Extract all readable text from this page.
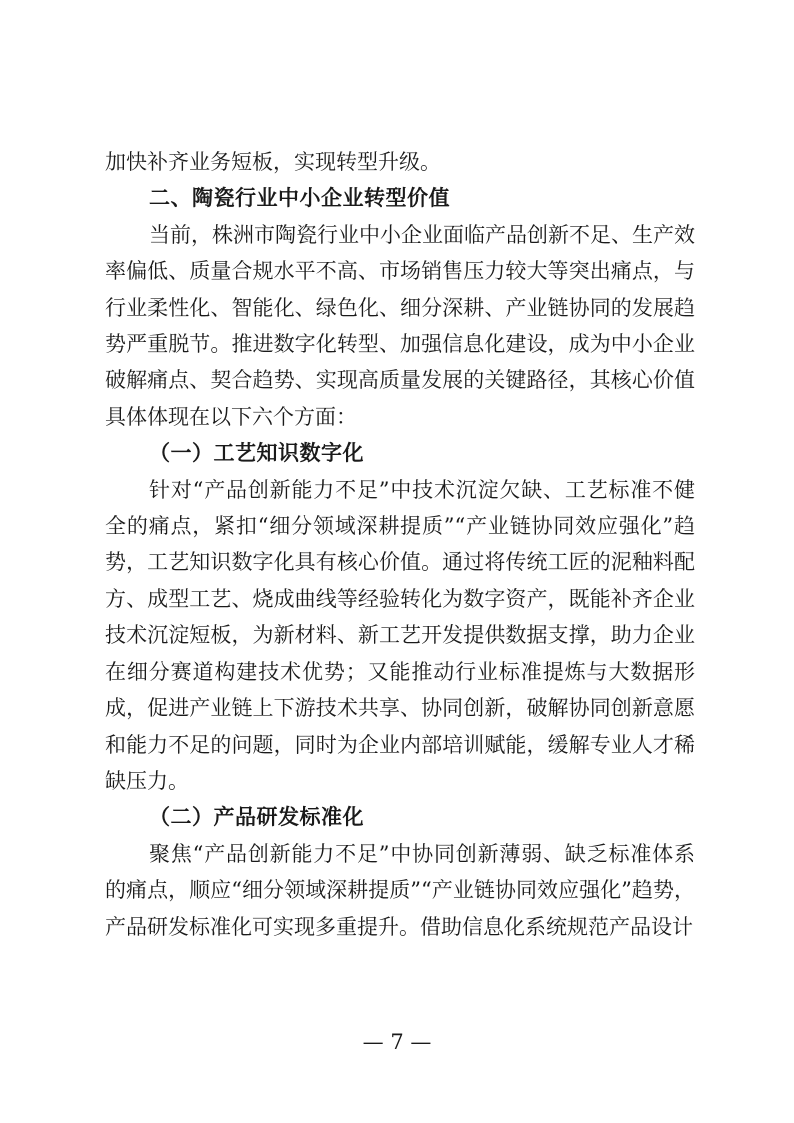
加快补齐业务短板，实现转型升级。

二、陶瓷行业中小企业转型价值

当前，株洲市陶瓷行业中小企业面临产品创新不足、生产效率偏低、质量合规水平不高、市场销售压力较大等突出痛点，与行业柔性化、智能化、绿色化、细分深耕、产业链协同的发展趋势严重脱节。推进数字化转型、加强信息化建设，成为中小企业破解痛点、契合趋势、实现高质量发展的关键路径，其核心价值具体体现在以下六个方面：

（一）工艺知识数字化

针对“产品创新能力不足”中技术沉淀欠缺、工艺标准不健全的痛点，紧扣“细分领域深耕提质”“产业链协同效应强化”趋势，工艺知识数字化具有核心价值。通过将传统工匠的泥釉料配方、成型工艺、烧成曲线等经验转化为数字资产，既能补齐企业技术沉淀短板，为新材料、新工艺开发提供数据支撑，助力企业在细分赛道构建技术优势；又能推动行业标准提炼与大数据形成，促进产业链上下游技术共享、协同创新，破解协同创新意愿和能力不足的问题，同时为企业内部培训赋能，缓解专业人才稀缺压力。

（二）产品研发标准化

聚焦“产品创新能力不足”中协同创新薄弱、缺乏标准体系的痛点，顺应“细分领域深耕提质”“产业链协同效应强化”趋势，产品研发标准化可实现多重提升。借助信息化系统规范产品设计

— 7 —
